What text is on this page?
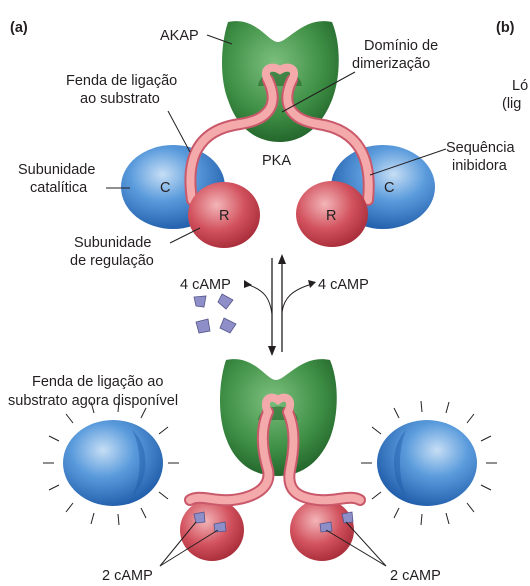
(a)	(b)
Ló
(lig
C	C
R	R
PKA
AKAP
Domínio de
dimerização
Fenda de ligação
ao substrato
Sequência
inibidora
Subunidade
catalítica
Subunidade
de regulação
4 cAMP	4 cAMP
Fenda de ligação ao
substrato agora disponível
2 cAMP	2 cAMP
